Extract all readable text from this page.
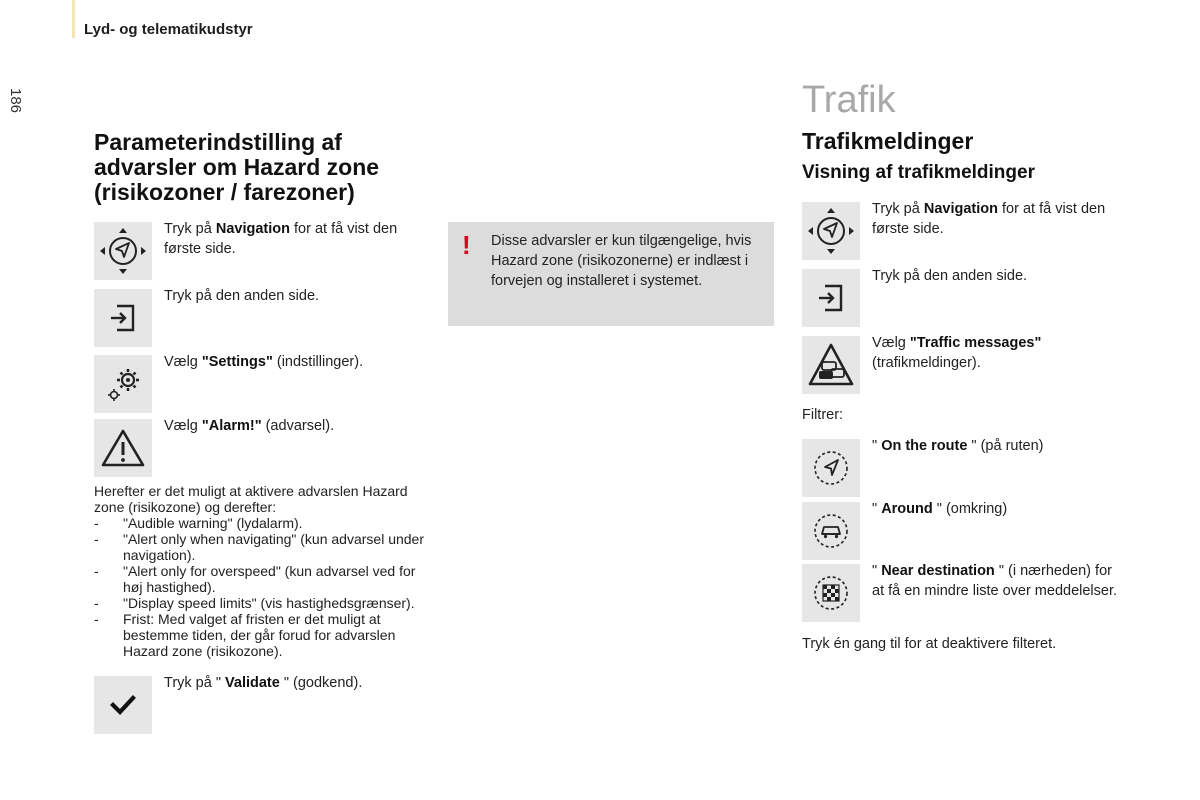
Lyd- og telematikudstyr
186
Parameterindstilling af advarsler om Hazard zone (risikozoner / farezoner)
Tryk på Navigation for at få vist den første side.
Tryk på den anden side.
Vælg "Settings" (indstillinger).
Vælg "Alarm!" (advarsel).
Herefter er det muligt at aktivere advarslen Hazard zone (risikozone) og derefter:
- "Audible warning" (lydalarm).
- "Alert only when navigating" (kun advarsel under navigation).
- "Alert only for overspeed" (kun advarsel ved for høj hastighed).
- "Display speed limits" (vis hastighedsgrænser).
- Frist: Med valget af fristen er det muligt at bestemme tiden, der går forud for advarslen Hazard zone (risikozone).
Tryk på " Validate " (godkend).
! Disse advarsler er kun tilgængelige, hvis Hazard zone (risikozonerne) er indlæst i forvejen og installeret i systemet.
Trafik
Trafikmeldinger
Visning af trafikmeldinger
Tryk på Navigation for at få vist den første side.
Tryk på den anden side.
Vælg "Traffic messages" (trafikmeldinger).
Filtrer:
" On the route " (på ruten)
" Around " (omkring)
" Near destination " (i nærheden) for at få en mindre liste over meddelelser.
Tryk én gang til for at deaktivere filteret.
